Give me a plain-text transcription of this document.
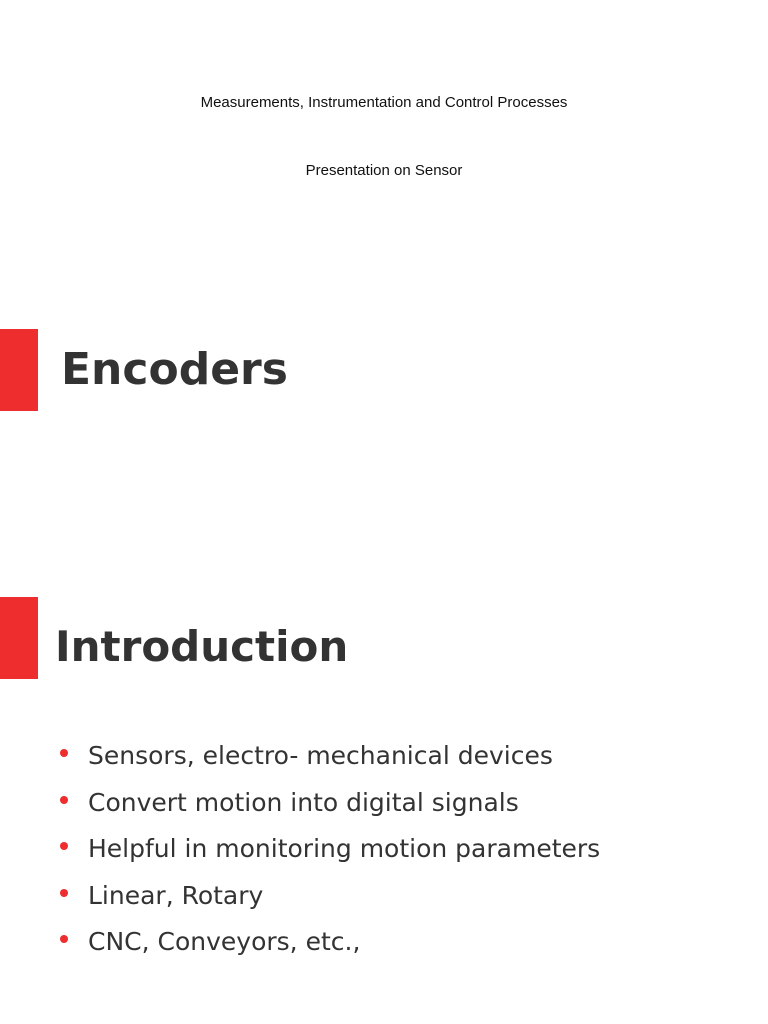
Measurements, Instrumentation and Control Processes

Presentation on Sensor

Encoders
Introduction
Sensors, electro- mechanical devices
Convert motion into digital signals
Helpful in monitoring motion parameters
Linear, Rotary
CNC, Conveyors, etc.,
